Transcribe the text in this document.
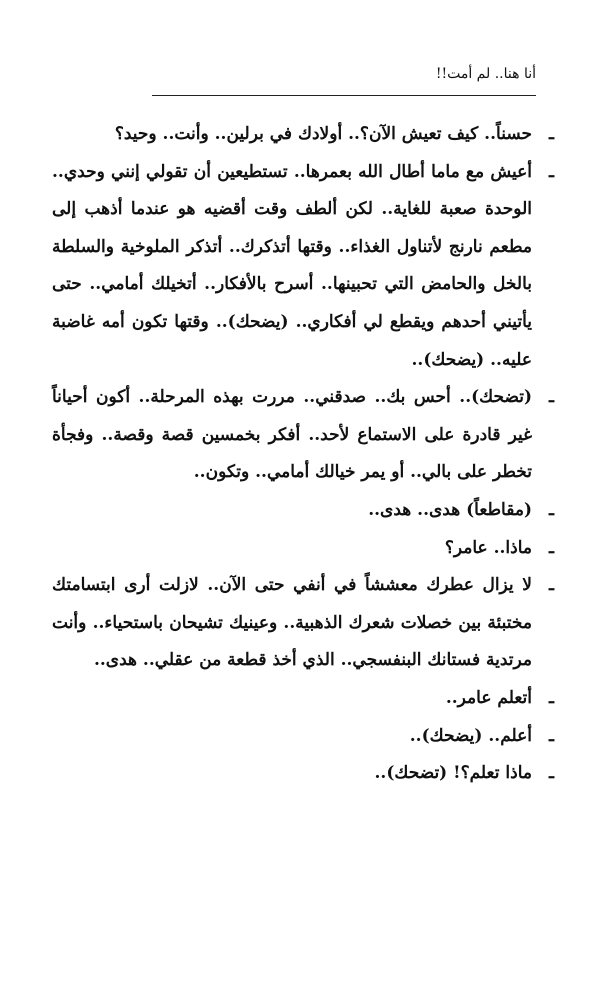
أنا هنا.. لم أمت!!

ـ حسناً.. كيف تعيش الآن؟.. أولادك في برلين.. وأنت.. وحيد؟

ـ أعيش مع ماما أطال الله بعمرها.. تستطيعين أن تقولي إنني وحدي.. الوحدة صعبة للغاية.. لكن ألطف وقت أقضيه هو عندما أذهب إلى مطعم نارنج لأتناول الغذاء.. وقتها أتذكرك.. أتذكر الملوخية والسلطة بالخل والحامض التي تحبينها.. أسرح بالأفكار.. أتخيلك أمامي.. حتى يأتيني أحدهم ويقطع لي أفكاري.. (يضحك).. وقتها تكون أمه غاضبة عليه.. (يضحك)..

ـ (تضحك).. أحس بك.. صدقني.. مررت بهذه المرحلة.. أكون أحياناً غير قادرة على الاستماع لأحد.. أفكر بخمسين قصة وقصة.. وفجأة تخطر على بالي.. أو يمر خيالك أمامي.. وتكون..

ـ (مقاطعاً) هدى.. هدى..

ـ ماذا.. عامر؟

ـ لا يزال عطرك معششاً في أنفي حتى الآن.. لازلت أرى ابتسامتك مختبئة بين خصلات شعرك الذهبية.. وعينيك تشيحان باستحياء.. وأنت مرتدية فستانك البنفسجي.. الذي أخذ قطعة من عقلي.. هدى..

ـ أتعلم عامر..

ـ أعلم.. (يضحك)..

ـ ماذا تعلم؟! (تضحك)..
